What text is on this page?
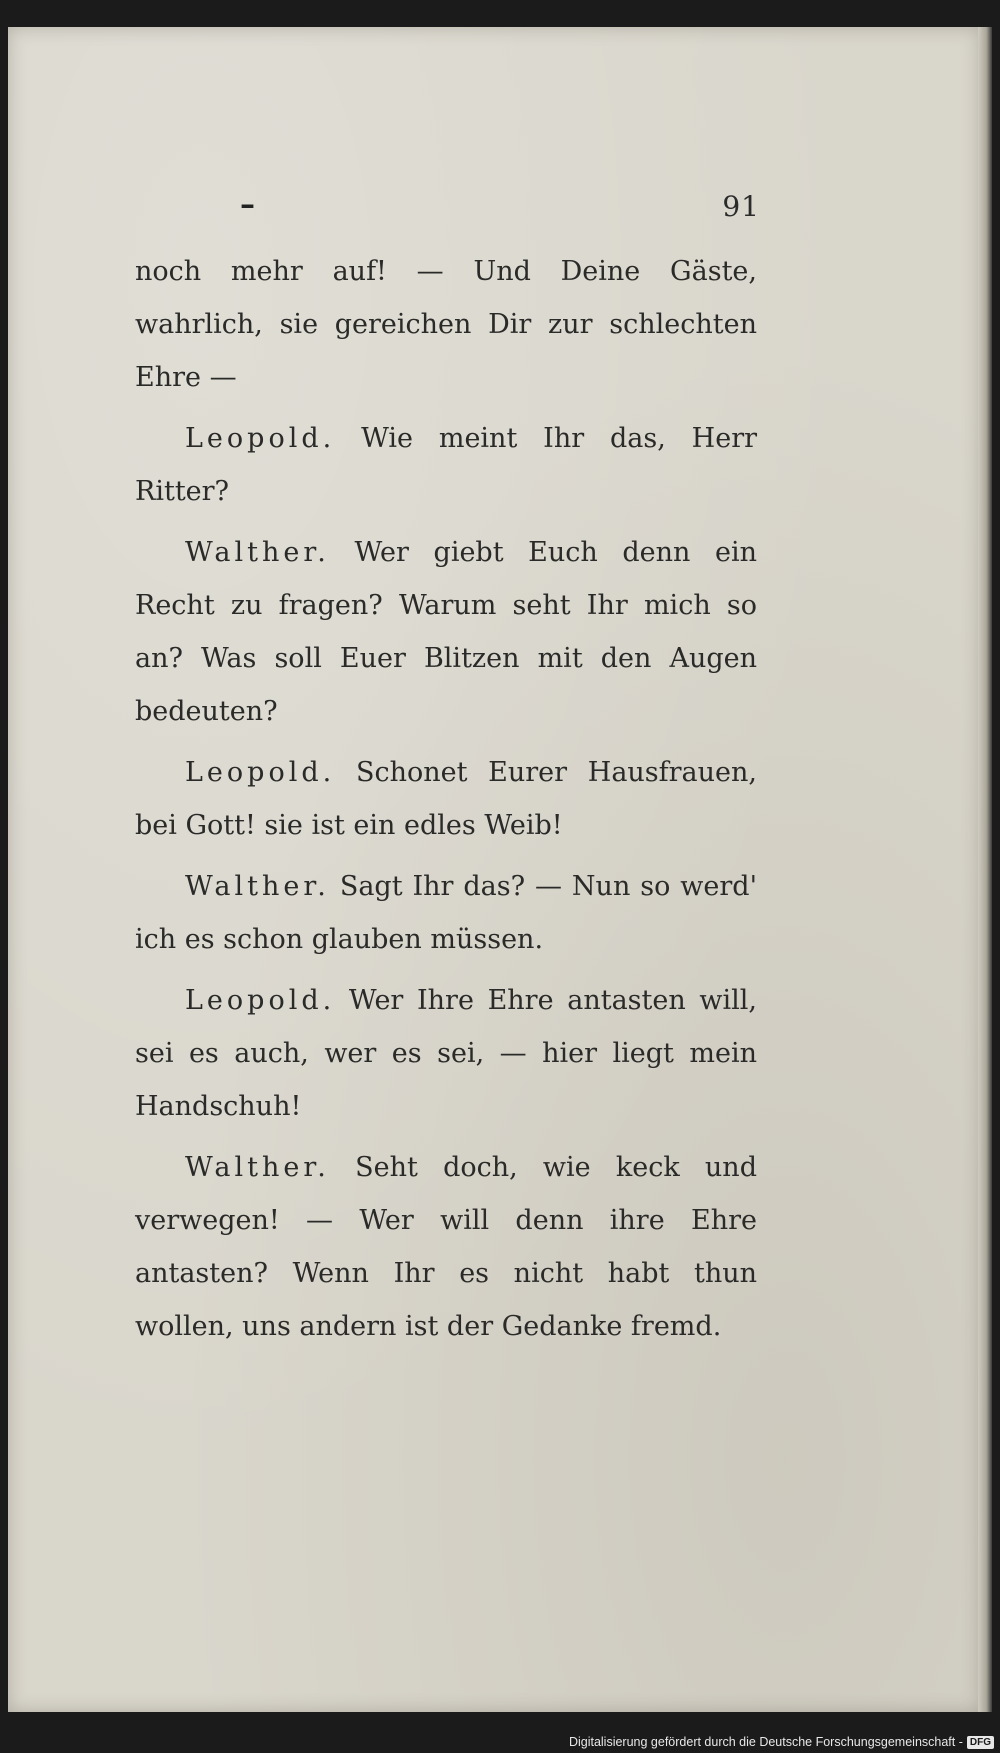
–	91

noch mehr auf! — Und Deine Gäste, wahrlich, sie gereichen Dir zur schlechten Ehre —

Leopold. Wie meint Ihr das, Herr Ritter?

Walther. Wer giebt Euch denn ein Recht zu fragen? Warum seht Ihr mich so an? Was soll Euer Blitzen mit den Augen bedeuten?

Leopold. Schonet Eurer Hausfrauen, bei Gott! sie ist ein edles Weib!

Walther. Sagt Ihr das? — Nun so werd' ich es schon glauben müssen.

Leopold. Wer Ihre Ehre antasten will, sei es auch, wer es sei, — hier liegt mein Handschuh!

Walther. Seht doch, wie keck und verwegen! — Wer will denn ihre Ehre antasten? Wenn Ihr es nicht habt thun wollen, uns andern ist der Gedanke fremd.

Digitalisierung gefördert durch die Deutsche Forschungsgemeinschaft - DFG
